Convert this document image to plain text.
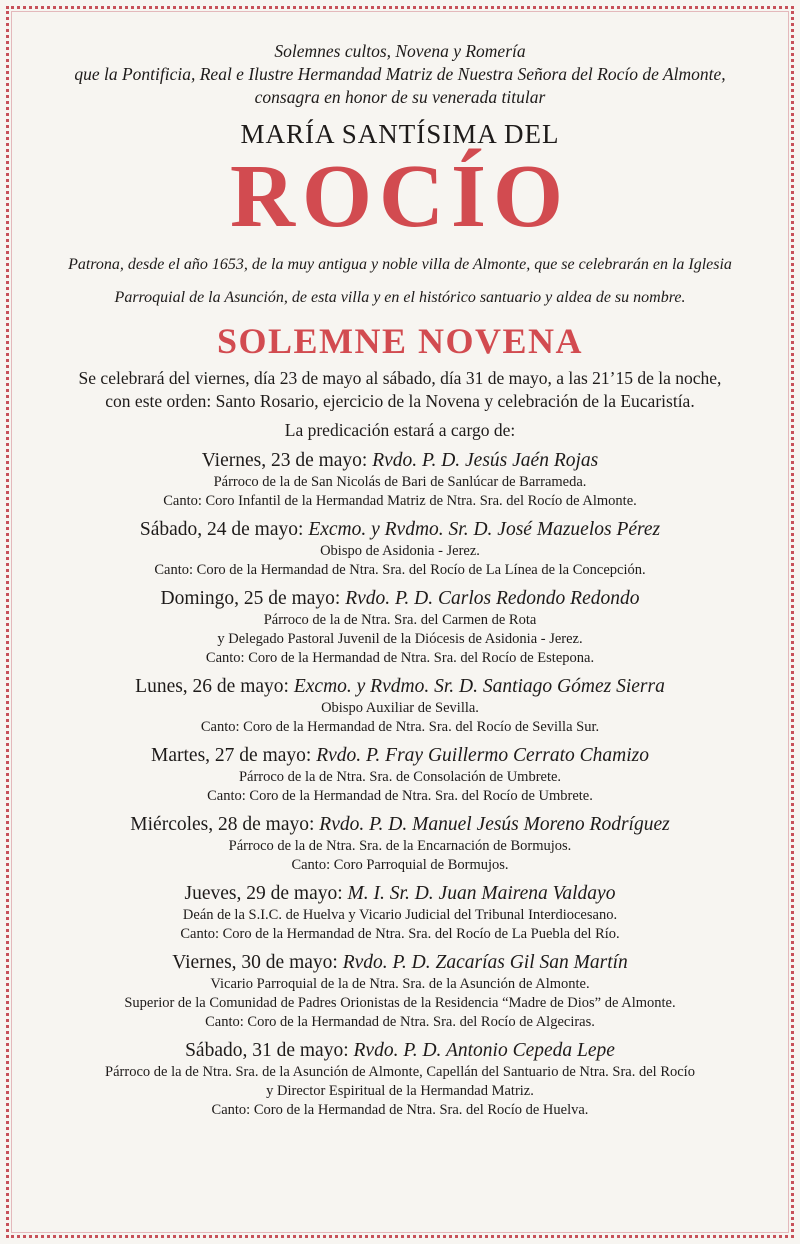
Solemnes cultos, Novena y Romería

que la Pontificia, Real e Ilustre Hermandad Matriz de Nuestra Señora del Rocío de Almonte,

consagra en honor de su venerada titular

MARÍA SANTÍSIMA DEL
ROCÍO

Patrona, desde el año 1653, de la muy antigua y noble villa de Almonte, que se celebrarán en la Iglesia

Parroquial de la Asunción, de esta villa y en el histórico santuario y aldea de su nombre.

SOLEMNE NOVENA

Se celebrará del viernes, día 23 de mayo al sábado, día 31 de mayo, a las 21’15 de la noche,

con este orden: Santo Rosario, ejercicio de la Novena y celebración de la Eucaristía.

La predicación estará a cargo de:

Viernes, 23 de mayo: Rvdo. P. D. Jesús Jaén Rojas
Párroco de la de San Nicolás de Bari de Sanlúcar de Barrameda.
Canto: Coro Infantil de la Hermandad Matriz de Ntra. Sra. del Rocío de Almonte.
Sábado, 24 de mayo: Excmo. y Rvdmo. Sr. D. José Mazuelos Pérez
Obispo de Asidonia - Jerez.
Canto: Coro de la Hermandad de Ntra. Sra. del Rocío de La Línea de la Concepción.
Domingo, 25 de mayo: Rvdo. P. D. Carlos Redondo Redondo
Párroco de la de Ntra. Sra. del Carmen de Rota
y Delegado Pastoral Juvenil de la Diócesis de Asidonia - Jerez.
Canto: Coro de la Hermandad de Ntra. Sra. del Rocío de Estepona.
Lunes, 26 de mayo: Excmo. y Rvdmo. Sr. D. Santiago Gómez Sierra
Obispo Auxiliar de Sevilla.
Canto: Coro de la Hermandad de Ntra. Sra. del Rocío de Sevilla Sur.
Martes, 27 de mayo: Rvdo. P. Fray Guillermo Cerrato Chamizo
Párroco de la de Ntra. Sra. de Consolación de Umbrete.
Canto: Coro de la Hermandad de Ntra. Sra. del Rocío de Umbrete.
Miércoles, 28 de mayo: Rvdo. P. D. Manuel Jesús Moreno Rodríguez
Párroco de la de Ntra. Sra. de la Encarnación de Bormujos.
Canto: Coro Parroquial de Bormujos.
Jueves, 29 de mayo: M. I. Sr. D. Juan Mairena Valdayo
Deán de la S.I.C. de Huelva y Vicario Judicial del Tribunal Interdiocesano.
Canto: Coro de la Hermandad de Ntra. Sra. del Rocío de La Puebla del Río.
Viernes, 30 de mayo: Rvdo. P. D. Zacarías Gil San Martín
Vicario Parroquial de la de Ntra. Sra. de la Asunción de Almonte.
Superior de la Comunidad de Padres Orionistas de la Residencia “Madre de Dios” de Almonte.
Canto: Coro de la Hermandad de Ntra. Sra. del Rocío de Algeciras.
Sábado, 31 de mayo: Rvdo. P. D. Antonio Cepeda Lepe
Párroco de la de Ntra. Sra. de la Asunción de Almonte, Capellán del Santuario de Ntra. Sra. del Rocío
y Director Espiritual de la Hermandad Matriz.
Canto: Coro de la Hermandad de Ntra. Sra. del Rocío de Huelva.
